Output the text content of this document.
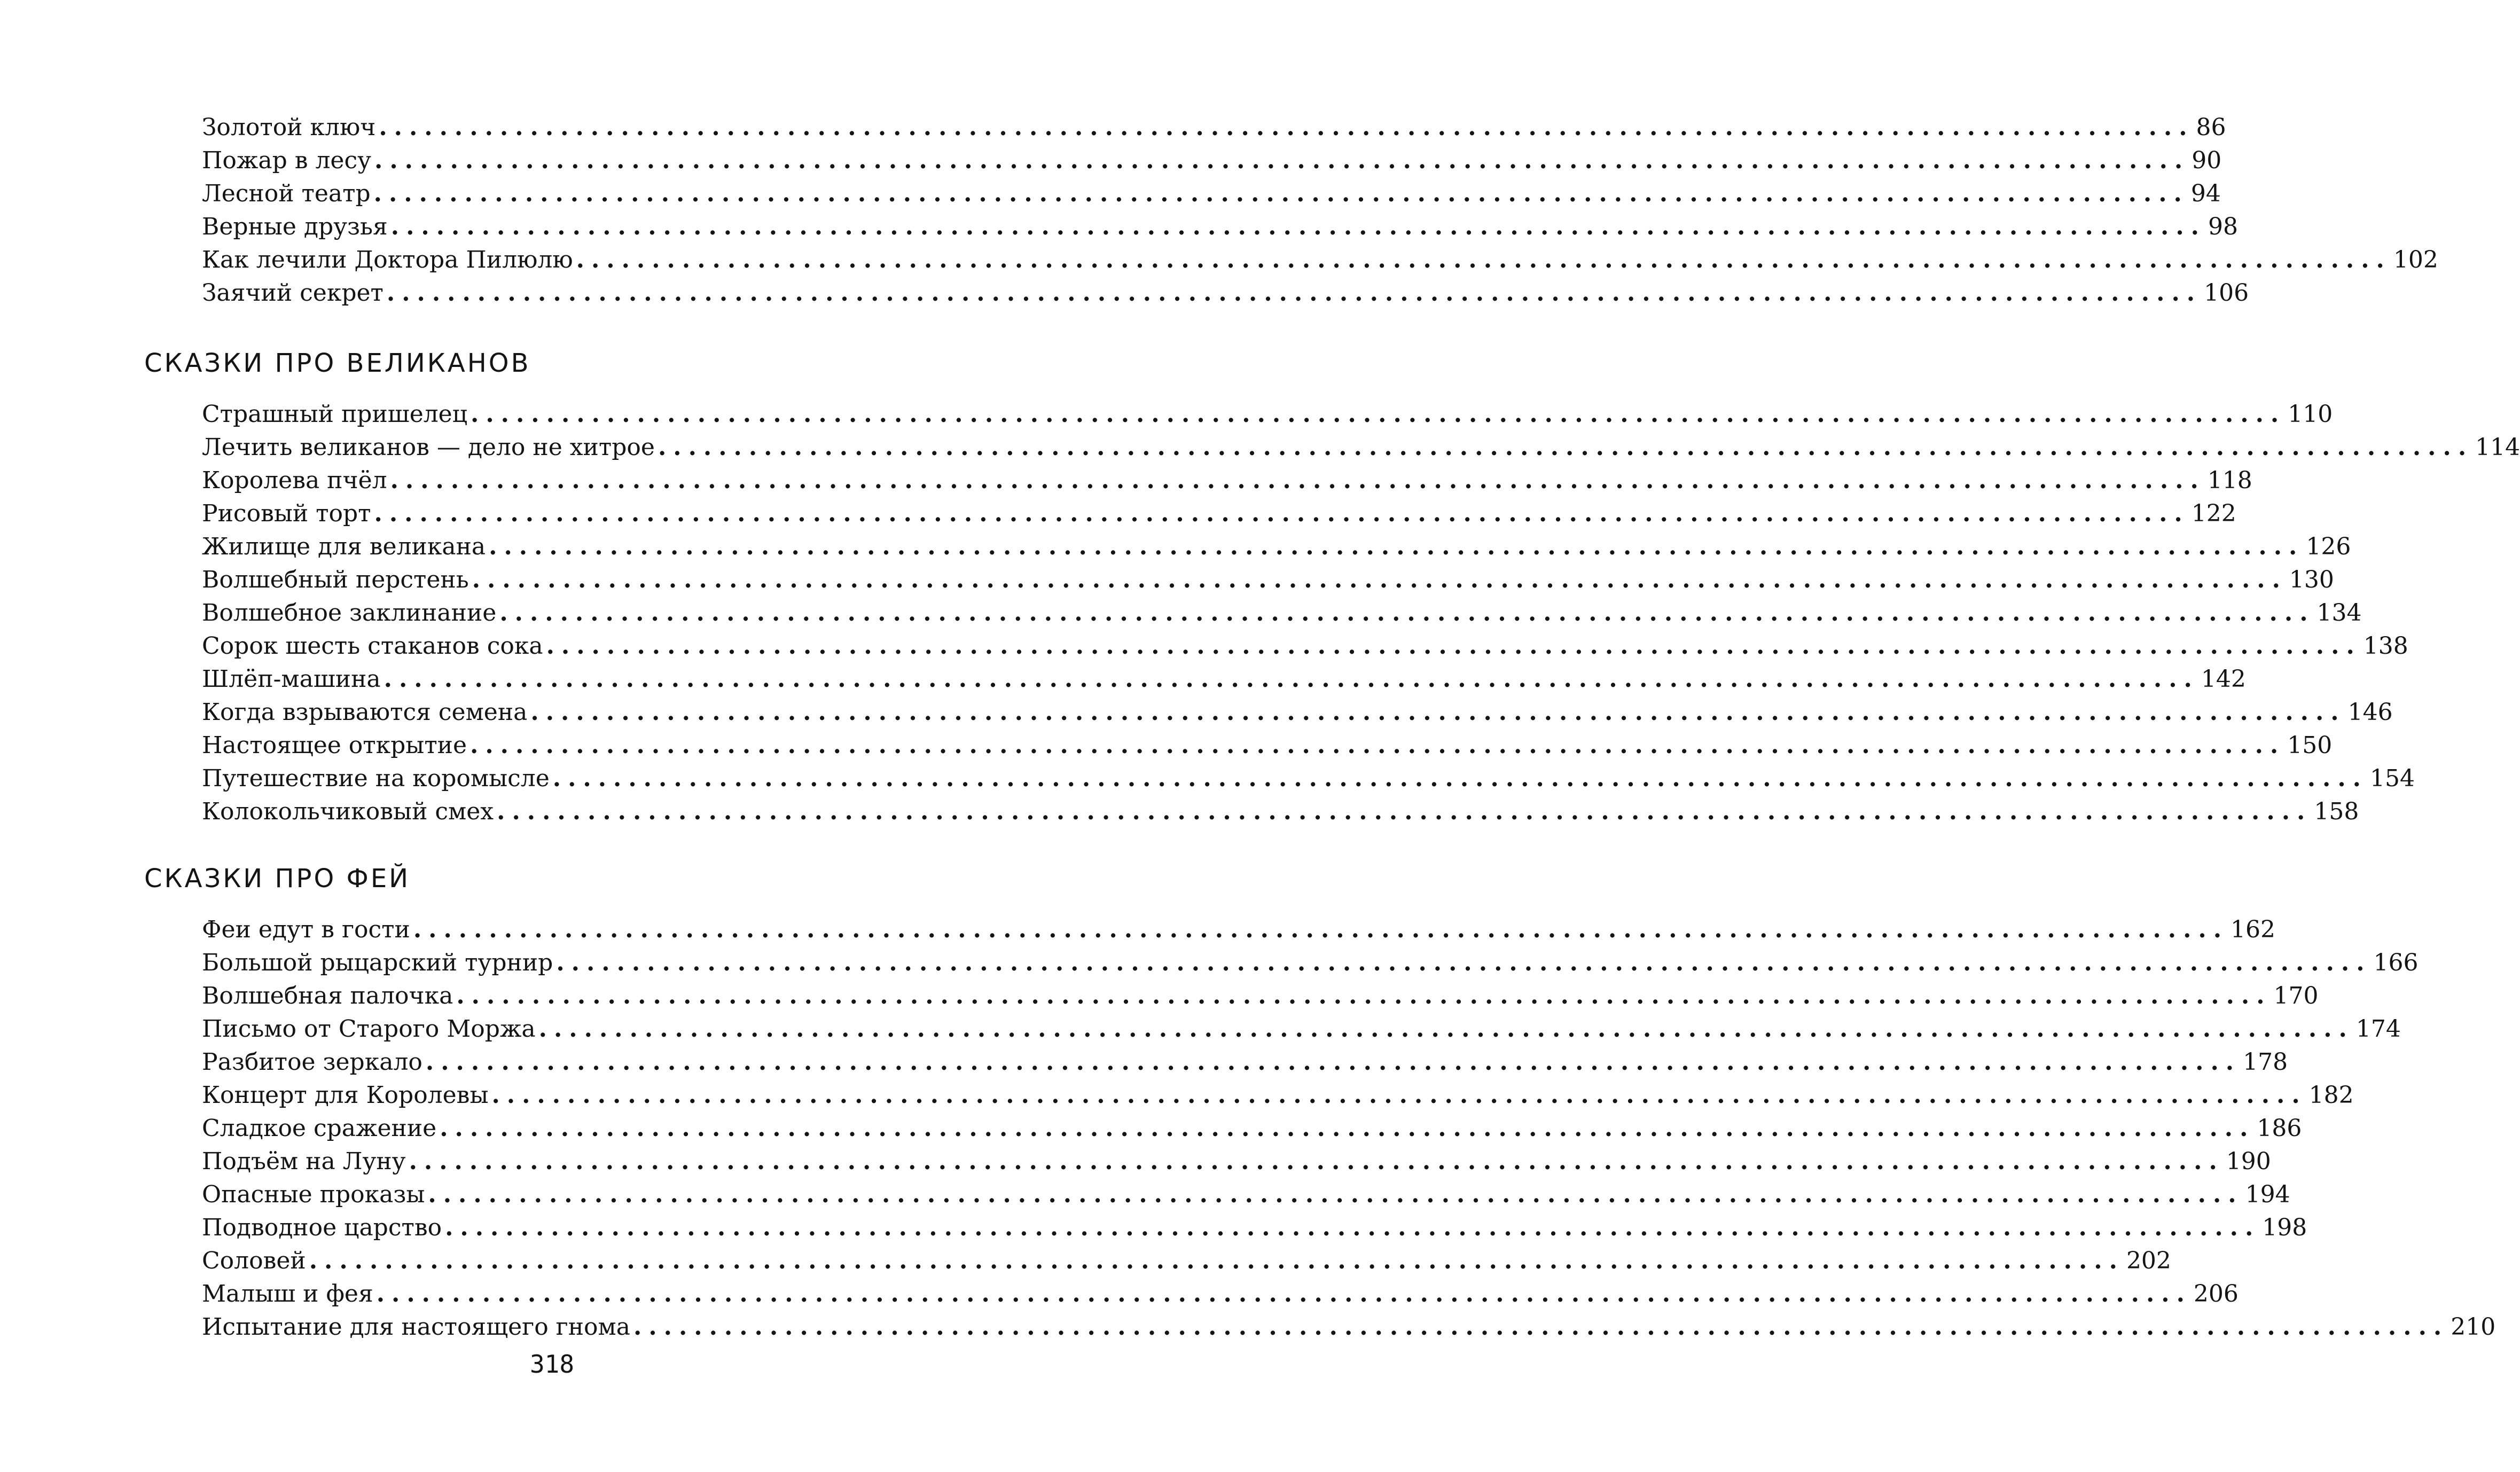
Золотой ключ ........................................................................................................................ 86
Пожар в лесу ........................................................................................................................ 90
Лесной театр ........................................................................................................................ 94
Верные друзья ........................................................................................................................ 98
Как лечили Доктора Пилюлю ........................................................................................................................ 102
Заячий секрет ........................................................................................................................ 106
СКАЗКИ ПРО ВЕЛИКАНОВ
Страшный пришелец ........................................................................................................................ 110
Лечить великанов — дело не хитрое ........................................................................................................................ 114
Королева пчёл ........................................................................................................................ 118
Рисовый торт ........................................................................................................................ 122
Жилище для великана ........................................................................................................................ 126
Волшебный перстень ........................................................................................................................ 130
Волшебное заклинание ........................................................................................................................ 134
Сорок шесть стаканов сока ........................................................................................................................ 138
Шлёп-машина ........................................................................................................................ 142
Когда взрываются семена ........................................................................................................................ 146
Настоящее открытие ........................................................................................................................ 150
Путешествие на коромысле ........................................................................................................................ 154
Колокольчиковый смех ........................................................................................................................ 158
СКАЗКИ ПРО ФЕЙ
Феи едут в гости ........................................................................................................................ 162
Большой рыцарский турнир ........................................................................................................................ 166
Волшебная палочка ........................................................................................................................ 170
Письмо от Старого Моржа ........................................................................................................................ 174
Разбитое зеркало ........................................................................................................................ 178
Концерт для Королевы ........................................................................................................................ 182
Сладкое сражение ........................................................................................................................ 186
Подъём на Луну ........................................................................................................................ 190
Опасные проказы ........................................................................................................................ 194
Подводное царство ........................................................................................................................ 198
Соловей ........................................................................................................................ 202
Малыш и фея ........................................................................................................................ 206
Испытание для настоящего гнома ........................................................................................................................ 210
318
